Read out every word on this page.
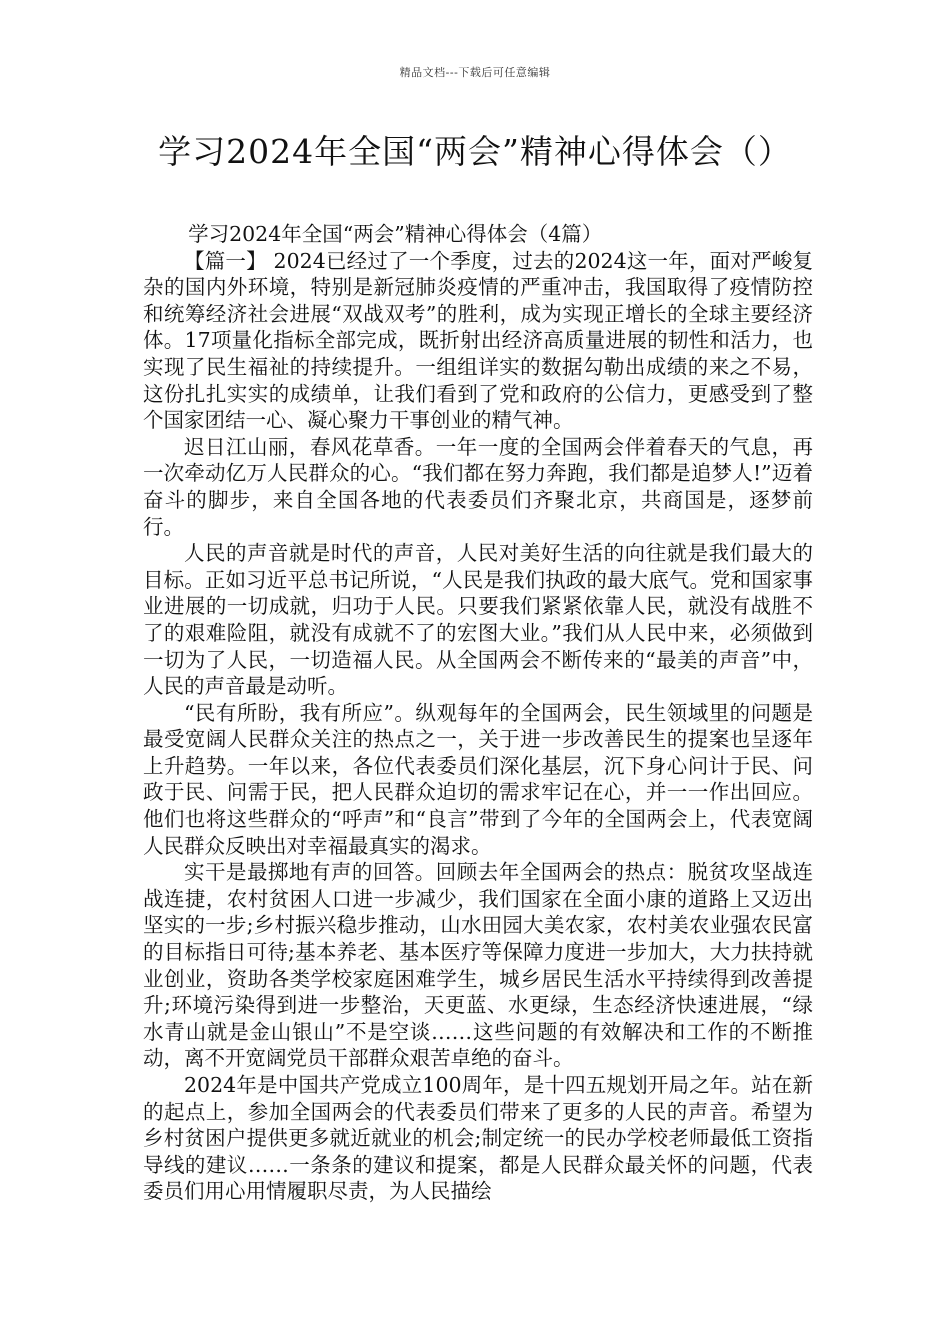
精品文档---下载后可任意编辑
学习2024年全国“两会”精神心得体会（）

学习2024年全国“两会”精神心得体会（4篇）

【篇一】 2024已经过了一个季度，过去的2024这一年，面对严峻复杂的国内外环境，特别是新冠肺炎疫情的严重冲击，我国取得了疫情防控和统筹经济社会进展“双战双考”的胜利，成为实现正增长的全球主要经济体。17项量化指标全部完成，既折射出经济高质量进展的韧性和活力，也实现了民生福祉的持续提升。一组组详实的数据勾勒出成绩的来之不易，这份扎扎实实的成绩单，让我们看到了党和政府的公信力，更感受到了整个国家团结一心、凝心聚力干事创业的精气神。

迟日江山丽，春风花草香。一年一度的全国两会伴着春天的气息，再一次牵动亿万人民群众的心。“我们都在努力奔跑，我们都是追梦人!”迈着奋斗的脚步，来自全国各地的代表委员们齐聚北京，共商国是，逐梦前行。

人民的声音就是时代的声音，人民对美好生活的向往就是我们最大的目标。正如习近平总书记所说，“人民是我们执政的最大底气。党和国家事业进展的一切成就，归功于人民。只要我们紧紧依靠人民，就没有战胜不了的艰难险阻，就没有成就不了的宏图大业。”我们从人民中来，必须做到一切为了人民，一切造福人民。从全国两会不断传来的“最美的声音”中，人民的声音最是动听。

“民有所盼，我有所应”。纵观每年的全国两会，民生领域里的问题是最受宽阔人民群众关注的热点之一，关于进一步改善民生的提案也呈逐年上升趋势。一年以来，各位代表委员们深化基层，沉下身心问计于民、问政于民、问需于民，把人民群众迫切的需求牢记在心，并一一作出回应。他们也将这些群众的“呼声”和“良言”带到了今年的全国两会上，代表宽阔人民群众反映出对幸福最真实的渴求。

实干是最掷地有声的回答。回顾去年全国两会的热点：脱贫攻坚战连战连捷，农村贫困人口进一步减少，我们国家在全面小康的道路上又迈出坚实的一步;乡村振兴稳步推动，山水田园大美农家，农村美农业强农民富的目标指日可待;基本养老、基本医疗等保障力度进一步加大，大力扶持就业创业，资助各类学校家庭困难学生，城乡居民生活水平持续得到改善提升;环境污染得到进一步整治，天更蓝、水更绿，生态经济快速进展，“绿水青山就是金山银山”不是空谈……这些问题的有效解决和工作的不断推动，离不开宽阔党员干部群众艰苦卓绝的奋斗。

2024年是中国共产党成立100周年，是十四五规划开局之年。站在新的起点上，参加全国两会的代表委员们带来了更多的人民的声音。希望为乡村贫困户提供更多就近就业的机会;制定统一的民办学校老师最低工资指导线的建议……一条条的建议和提案，都是人民群众最关怀的问题，代表委员们用心用情履职尽责，为人民描绘
